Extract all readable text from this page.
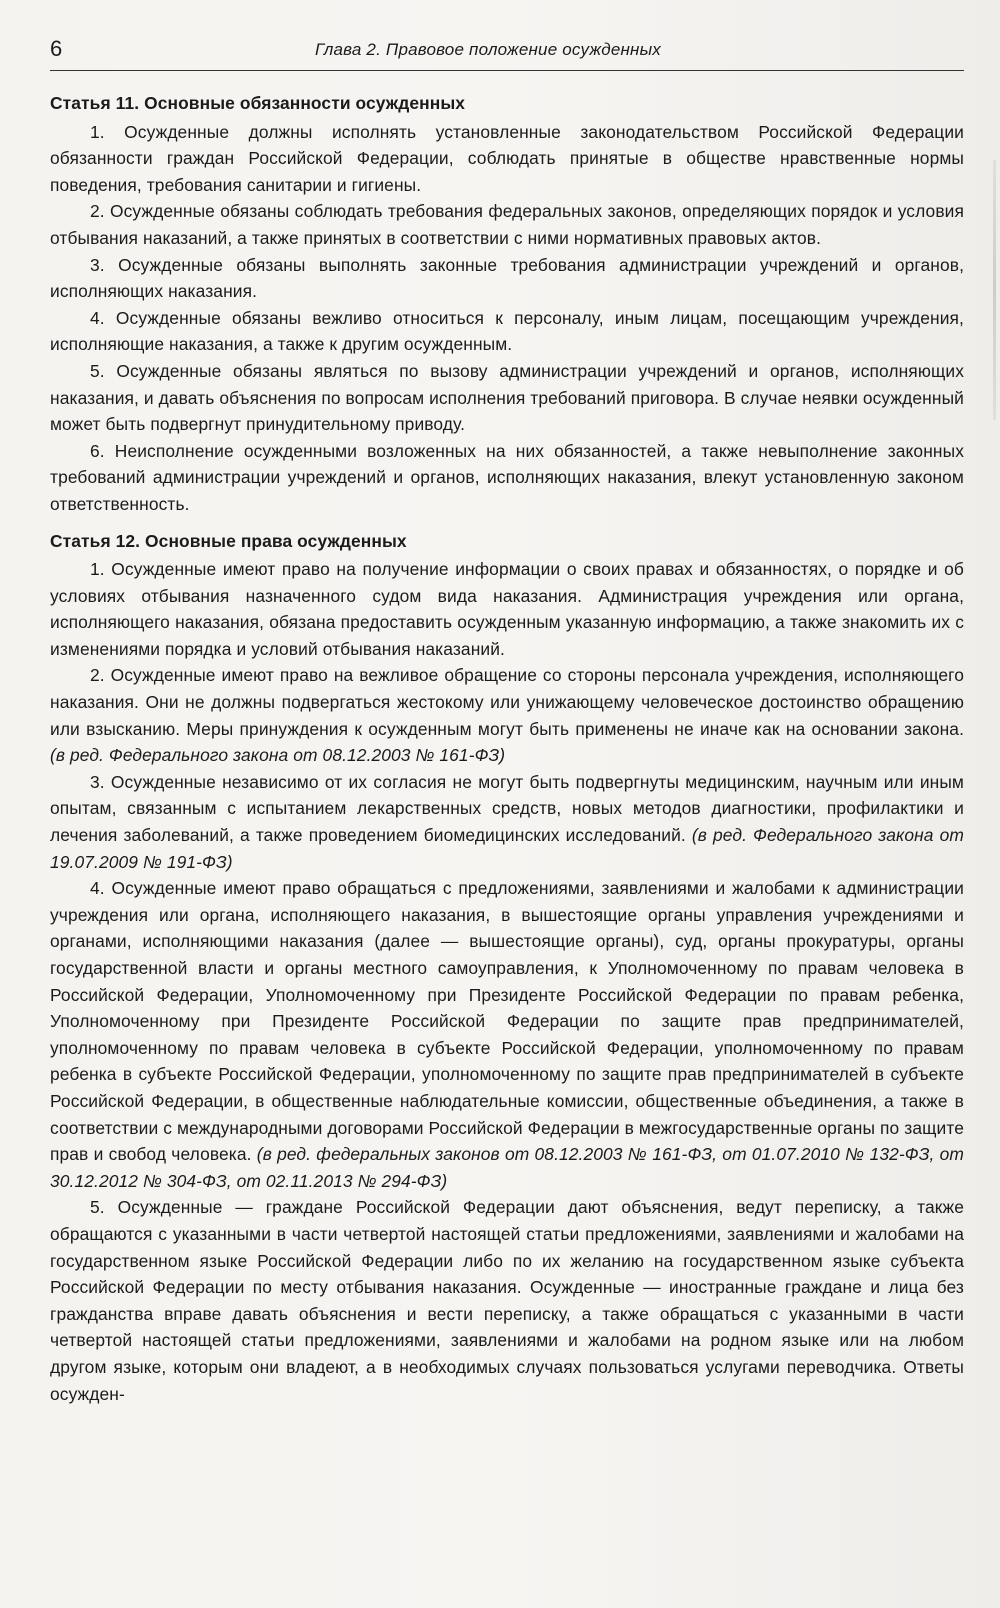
6	Глава 2. Правовое положение осужденных
Статья 11. Основные обязанности осужденных

1. Осужденные должны исполнять установленные законодательством Российской Федерации обязанности граждан Российской Федерации, соблюдать принятые в обществе нравственные нормы поведения, требования санитарии и гигиены.

2. Осужденные обязаны соблюдать требования федеральных законов, определяющих порядок и условия отбывания наказаний, а также принятых в соответствии с ними нормативных правовых актов.

3. Осужденные обязаны выполнять законные требования администрации учреждений и органов, исполняющих наказания.

4. Осужденные обязаны вежливо относиться к персоналу, иным лицам, посещающим учреждения, исполняющие наказания, а также к другим осужденным.

5. Осужденные обязаны являться по вызову администрации учреждений и органов, исполняющих наказания, и давать объяснения по вопросам исполнения требований приговора. В случае неявки осужденный может быть подвергнут принудительному приводу.

6. Неисполнение осужденными возложенных на них обязанностей, а также невыполнение законных требований администрации учреждений и органов, исполняющих наказания, влекут установленную законом ответственность.

Статья 12. Основные права осужденных

1. Осужденные имеют право на получение информации о своих правах и обязанностях, о порядке и об условиях отбывания назначенного судом вида наказания. Администрация учреждения или органа, исполняющего наказания, обязана предоставить осужденным указанную информацию, а также знакомить их с изменениями порядка и условий отбывания наказаний.

2. Осужденные имеют право на вежливое обращение со стороны персонала учреждения, исполняющего наказания. Они не должны подвергаться жестокому или унижающему человеческое достоинство обращению или взысканию. Меры принуждения к осужденным могут быть применены не иначе как на основании закона. (в ред. Федерального закона от 08.12.2003 № 161-ФЗ)

3. Осужденные независимо от их согласия не могут быть подвергнуты медицинским, научным или иным опытам, связанным с испытанием лекарственных средств, новых методов диагностики, профилактики и лечения заболеваний, а также проведением биомедицинских исследований. (в ред. Федерального закона от 19.07.2009 № 191-ФЗ)

4. Осужденные имеют право обращаться с предложениями, заявлениями и жалобами к администрации учреждения или органа, исполняющего наказания, в вышестоящие органы управления учреждениями и органами, исполняющими наказания (далее — вышестоящие органы), суд, органы прокуратуры, органы государственной власти и органы местного самоуправления, к Уполномоченному по правам человека в Российской Федерации, Уполномоченному при Президенте Российской Федерации по правам ребенка, Уполномоченному при Президенте Российской Федерации по защите прав предпринимателей, уполномоченному по правам человека в субъекте Российской Федерации, уполномоченному по правам ребенка в субъекте Российской Федерации, уполномоченному по защите прав предпринимателей в субъекте Российской Федерации, в общественные наблюдательные комиссии, общественные объединения, а также в соответствии с международными договорами Российской Федерации в межгосударственные органы по защите прав и свобод человека. (в ред. федеральных законов от 08.12.2003 № 161-ФЗ, от 01.07.2010 № 132-ФЗ, от 30.12.2012 № 304-ФЗ, от 02.11.2013 № 294-ФЗ)

5. Осужденные — граждане Российской Федерации дают объяснения, ведут переписку, а также обращаются с указанными в части четвертой настоящей статьи предложениями, заявлениями и жалобами на государственном языке Российской Федерации либо по их желанию на государственном языке субъекта Российской Федерации по месту отбывания наказания. Осужденные — иностранные граждане и лица без гражданства вправе давать объяснения и вести переписку, а также обращаться с указанными в части четвертой настоящей статьи предложениями, заявлениями и жалобами на родном языке или на любом другом языке, которым они владеют, а в необходимых случаях пользоваться услугами переводчика. Ответы осужден-
